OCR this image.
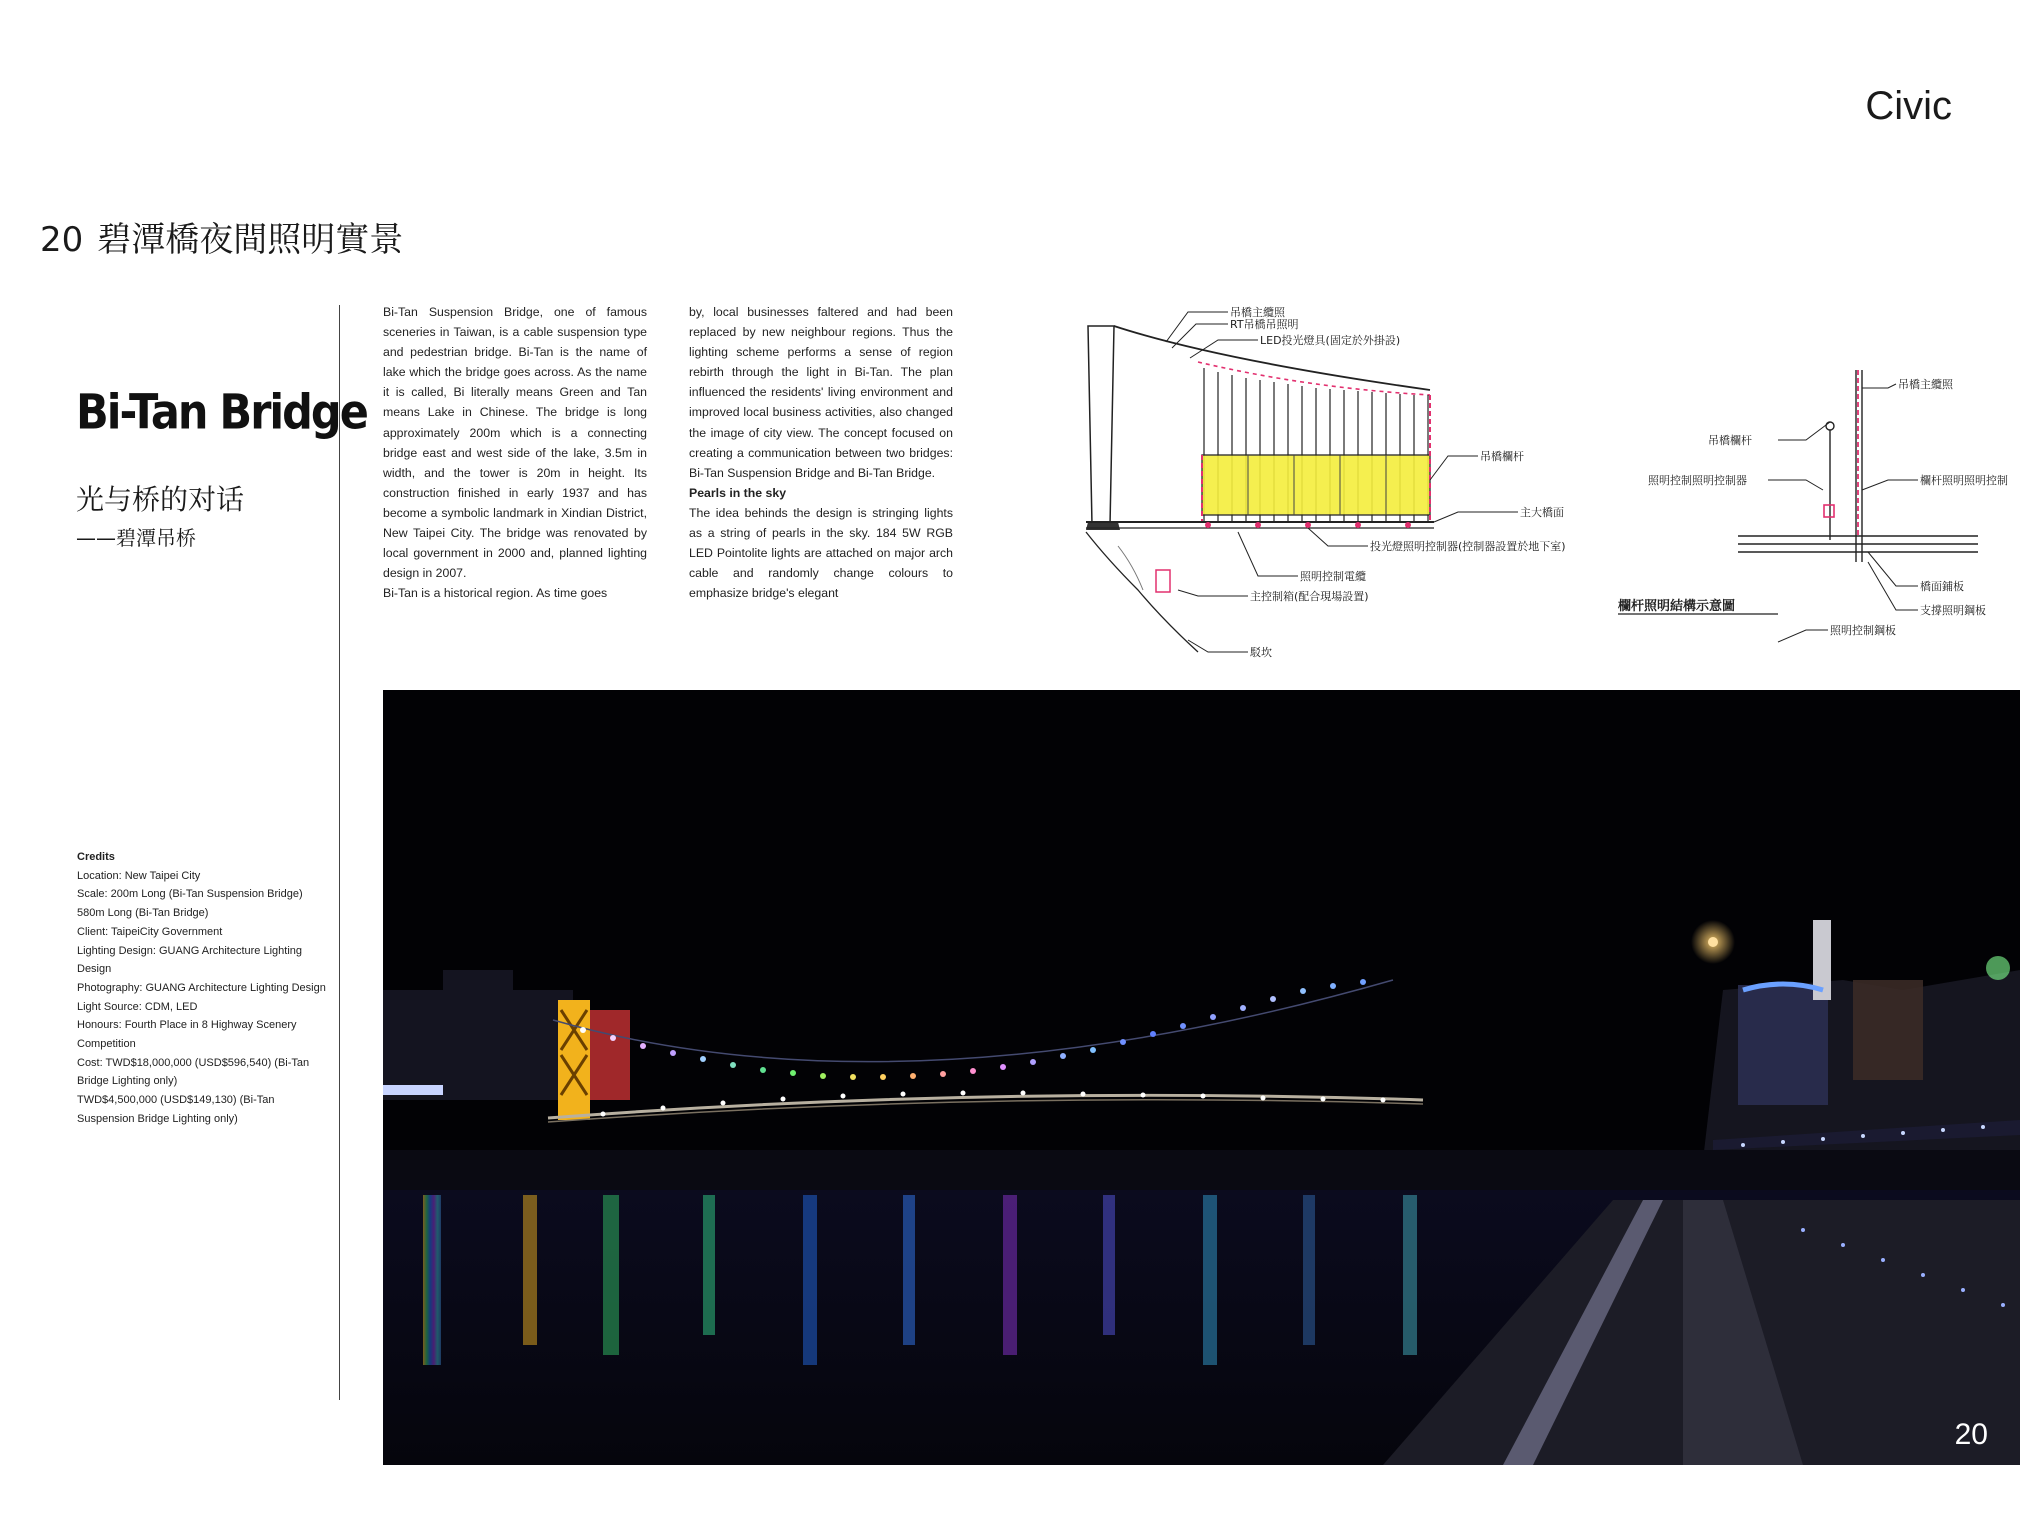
Civic
20 碧潭橋夜間照明實景
Bi-Tan Bridge
光与桥的对话
——碧潭吊桥

Bi-Tan Suspension Bridge, one of famous sceneries in Taiwan, is a cable suspension type and pedestrian bridge. Bi-Tan is the name of lake which the bridge goes across. As the name it is called, Bi literally means Green and Tan means Lake in Chinese. The bridge is long approximately 200m which is a connecting bridge east and west side of the lake, 3.5m in width, and the tower is 20m in height. Its construction finished in early 1937 and has become a symbolic landmark in Xindian District, New Taipei City. The bridge was renovated by local government in 2000 and, planned lighting design in 2007.

Bi-Tan is a historical region. As time goes

by, local businesses faltered and had been replaced by new neighbour regions. Thus the lighting scheme performs a sense of region rebirth through the light in Bi-Tan. The plan influenced the residents' living environment and improved local business activities, also changed the image of city view. The concept focused on creating a communication between two bridges: Bi-Tan Suspension Bridge and Bi-Tan Bridge.

Pearls in the sky

The idea behinds the design is stringing lights as a string of pearls in the sky. 184 5W RGB LED Pointolite lights are attached on major arch cable and randomly change colours to emphasize bridge's elegant

Credits

Location: New Taipei City

Scale: 200m Long (Bi-Tan Suspension Bridge)

580m Long (Bi-Tan Bridge)

Client: TaipeiCity Government

Lighting Design: GUANG Architecture Lighting Design

Photography: GUANG Architecture Lighting Design

Light Source: CDM, LED

Honours: Fourth Place in 8 Highway Scenery Competition

Cost: TWD$18,000,000 (USD$596,540) (Bi-Tan Bridge Lighting only)

TWD$4,500,000 (USD$149,130) (Bi-Tan Suspension Bridge Lighting only)

吊橋主纜照
RT吊橋吊照明
LED投光燈具(固定於外掛設)
吊橋欄杆
主大橋面
投光燈照明控制器(控制器設置於地下室)
照明控制電纜
主控制箱(配合現場設置)
駁坎
吊橋主纜照
吊橋欄杆
照明控制照明控制器	欄杆照明照明控制
橋面鋪板
支撐照明鋼板
欄杆照明結構示意圖
照明控制鋼板
20
